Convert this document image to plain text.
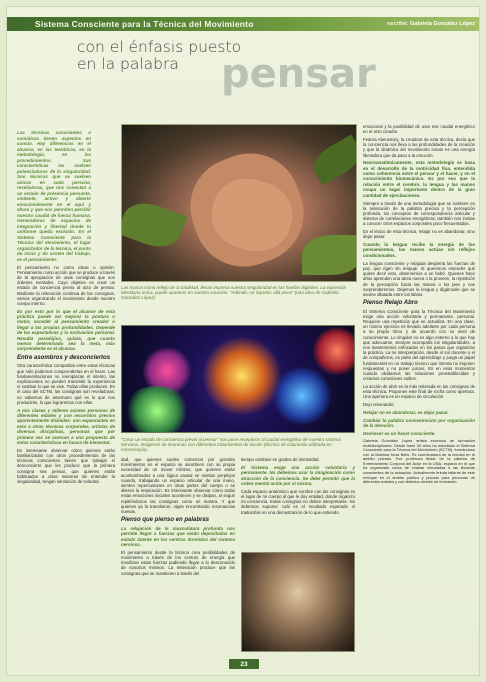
Sistema Consciente para la Técnica del Movimiento	escribe: Gabriela González López
con el énfasis puesto
en la palabra	pensar

Las técnicas conscientes o somáticas tienen aspectos en común. Hay diferencias en el alcance, en las temáticas, en la metodología, en los procedimientos. Sus características las vuelven potenciadoras de la singularidad. Son técnicas que se vuelven únicas en cada persona, reveladoras, que nos conectan a un estado de presencia pensante, sintiente, activo y abierto emocionalmente en el aquí y ahora y que nos permiten percibir nuestro caudal de fuerza humana. Generadoras de espacios de integración y libertad donde lo uniforme queda excluido. En el Sistema Consciente para la Técnica del Movimiento, el lugar organizador de la técnica, el punto de inicio y de sostén del trabajo, es el pensamiento.

El pensamiento no como ideas u opinión. Pensamiento como acción que se produce a través de la apropiación de unas consignas que son órdenes mentales. Cuyo objetivo es crear un estado de conciencia previo al acto de pensar. Mediante la reiteración continua de las consignas, vamos organizando el movimiento desde nuestro cuerpo interno.

Es por esto por lo que el alcance de esta práctica puede ser mejorar la postura o motor, acceder al pensamiento creador o llegar a las propias profundidades. Depende de las expectativas y la motivación personal. Resulta paradójico, quizás, que cuanto menos determinado sea la meta, más sorprendente es el alcance.

Entre asombros y desconciertos

Otra característica compartida entre estas técnicas que sólo podemos comprenderlas en el hacer. Las fundamentaciones no reemplazan el intento, las explicaciones no pueden transmitir la experiencia ni sustituir lo que se vive. Todas ellas producen. En el caso del SCTM, las consignas son reveladoras: no sabemos de antemano qué es lo que nos producirán, lo que lograremos con ellas.

A mis clases y talleres asisten personas de diferentes edades y con recorridos previos aparentemente disímiles: son espectantes en esto a otras técnicas corporales, artistas de diversas disciplinas, personas que por primera vez se acercan a una propuesta de estas características en busca de bienestar.

Es interesante observar cómo quienes están familiarizados con otros procedimientos de las técnicas conscientes tienen que trabajar el desconcierto que les produce que la primera consigna sea pensar, que quienes están habituados a otras maneras de entender la singularidad, tengan sensación de soledad.

Las manos como reflejo de la totalidad, llevan impresa nuestra singularidad en las huellas digitales. La expresión identitaria única, puede aparecer en nuestra creación. "Adónde, no importa: allá pisos" (una obra de Gabriela González López)
"Crear un estado de conciencia previo al pensar" nos pone receptivos al caudal energético de nuestro sistema nervioso. Imágenes de neuronas con diferentes tratamientos de tinción (técnica de coloración utilizada en microscopía).

dad, que quienes suelen comenzar por grandes movimientos en el espacio se asombren con su propia necesidad de un mover mínimo; que quienes están acostumbrados a una lógica causal se sientan perplejos cuando, trabajando un espacio articular de una mano, sienten repercusiones en otras partes del cuerpo o se alteren la respiración. Es interesante observar cómo todas estas emociones iniciales acontecen y se disipan, al seguir repitiéndonos las consignas como un mantra. Y que quienes ya la transitaron, sigan encontrando resonancias nuevas.

Pienso que pienso en palabras

La relajación de la musculatura profunda nos permite llegar a fuerzas que están depositadas en estado latente en los centros dormidos del sistema nervioso.

El pensamiento desde la técnica crea posibilidades de movimiento a través de los centros de energía que movilizan estas fuerzas pudiendo llegar a lo desconocido de nosotros mismos. La reiteración produce que las consignas que se mantienen a través del

tiempo cambien en grados de intensidad.

El Sistema exige una acción voluntaria y permanente. No debemos usar la imaginación como atracción de la conciencia. Se debe permitir que la orden mental actúe por sí misma.

Cada espacio anatómico que nombre con las consignas es el lugar de mi cuerpo al que le doy entidad, donde organizo mi conciencia. Estas consignas no deben interpretarse. No debemos suponer cuál es el resultado esperado ni traducirlas en una demostración de lo que entiendo.

emocional y la posibilidad de usar ese caudal energético en el acto creador.

Fedora Aberastury, la creadora de esta técnica, decía que la conciencia nos lleva a las profundidades de la creación y que la dinámica del movimiento innato es una energía liberadora que da paso a la emoción.

Neuroanatómicamente, esta metodología se basa en el desarrollo de la motricidad fina, entendida como coherencia entre el pensar y el hacer, y en el conocimiento biomecánico. Es por eso que la relación entre el cerebro, la lengua y las manos ocupa un lugar importante dentro de la gran cantidad de ejercitaciones.

Siempre a través de una metodología que se sostiene en la reiteración de la palabra precisa y la percepción profunda, los conceptos de correspondencia articular y sistema de correlaciones energéticas, también nos invitan a conocer otros espacios corporales poco frecuentados.

En el léxico de esta técnica, relajar no es abandonar, sino dejar pasar.

Cuando la lengua recibe la energía de los pensamientos, las manos actúan sin reflejos condicionados.

La lengua consciente y relajada despierta las fuerzas de paz, que rigen sin empuje. Si queremos entender qué quiere decir esto, observemos a un bebé. Quienes hace años aprenden una tarea nueva o la proveen, la repetición de la percepción hacia las manos o los pies y nos sorprenderemos. Dejemos la lengua y digámosle que se asome dilatada entre los labios.

Pienso Relajo Abro

El Sistema Consciente para la Técnica del Movimiento exige una acción voluntaria y permanente, personal. Requiere una repetición que se actualiza. En una clase, un mismo ejercicio es llevado adelante por cada persona a su propio ritmo y de acuerdo con su nivel de conocimiento. Lo singular no es algo externo a lo que hay que adecuarse, siempre acompaña los singularidades, a nos mantenemos enfocados en los pasos que organizan la práctica. La no interpretación, desde el sol docente y el de compañeros, es parte del aprendizaje y juega un papel fundamental en un trabajo técnico que intenta no imponer respuestas y no poner juicios. Es en esos momentos cuando olvidamos las relaciones preestablecidas y creamos conexiones sutiles.

La acción de abrir es la más reiterada en las consignas de esta técnica. Proponen este final de rocha como apertura. Una apertura es un espacio de circulación.

Dejo resonando:

Relajar no es abandonar, es dejar pasar.

Cambiar la palabra concentración por organización de la atención.

Deshacer es un hacer consciente.

Gabriela González López artista escénica de formación multidisciplinaria. Desde hace 30 años ha estudiado el Sistema Consciente para la Técnica del Movimiento (SCTM), formándose con la Maestra Nora Bello. Es coordinadora de la técnica en el ámbito privado. Fue profesora titular de la cátedra de Entrenamiento Corporal del Actor en la UNA, espacio en el que ha organizado ciclos de charlas vinculadas a las técnicas conscientes de la actuación. Actualmente brinda talleres de este enfoque en el ámbito público y privado para personas de diferentes edades y con distintos niveles de formación.

23
